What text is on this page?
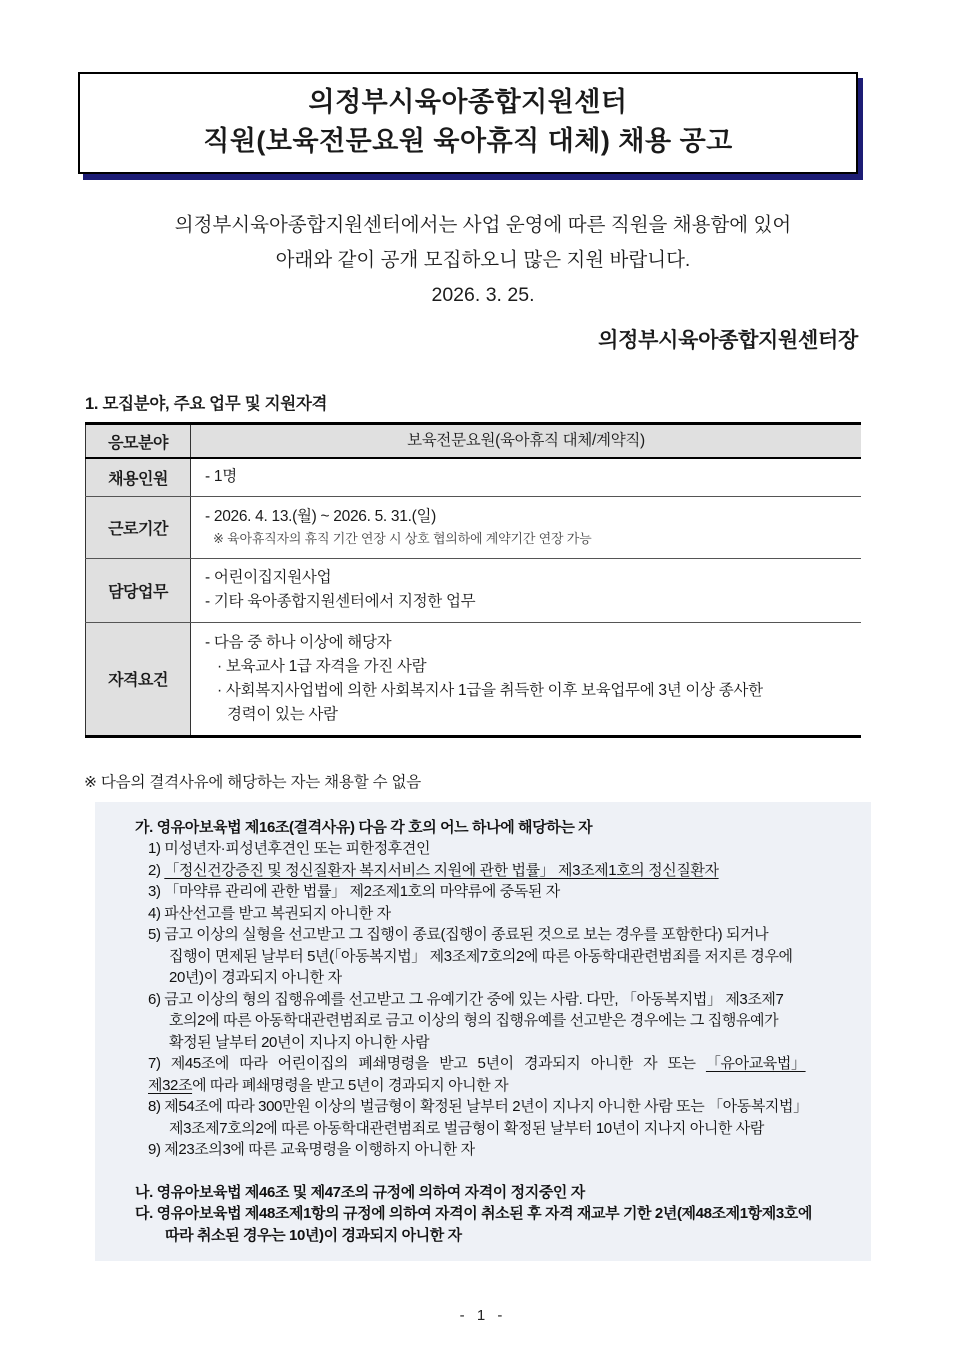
의정부시육아종합지원센터
직원(보육전문요원 육아휴직 대체) 채용 공고
의정부시육아종합지원센터에서는 사업 운영에 따른 직원을 채용함에 있어
아래와 같이 공개 모집하오니 많은 지원 바랍니다.
2026. 3. 25.
의정부시육아종합지원센터장
1. 모집분야, 주요 업무 및 지원자격
응모분야	보육전문요원(육아휴직 대체/계약직)
채용인원	- 1명
근로기간	- 2026. 4. 13.(월) ~ 2026. 5. 31.(일)
※ 육아휴직자의 휴직 기간 연장 시 상호 협의하에 계약기간 연장 가능

담당업무	- 어린이집지원사업
- 기타 육아종합지원센터에서 지정한 업무

자격요건	- 다음 중 하나 이상에 해당자
· 보육교사 1급 자격을 가진 사람
· 사회복지사업법에 의한 사회복지사 1급을 취득한 이후 보육업무에 3년 이상 종사한
경력이 있는 사람
※ 다음의 결격사유에 해당하는 자는 채용할 수 없음
가. 영유아보육법 제16조(결격사유) 다음 각 호의 어느 하나에 해당하는 자
1) 미성년자·피성년후견인 또는 피한정후견인
2) 「정신건강증진 및 정신질환자 복지서비스 지원에 관한 법률」 제3조제1호의 정신질환자
3) 「마약류 관리에 관한 법률」 제2조제1호의 마약류에 중독된 자
4) 파산선고를 받고 복권되지 아니한 자
5) 금고 이상의 실형을 선고받고 그 집행이 종료(집행이 종료된 것으로 보는 경우를 포함한다) 되거나
집행이 면제된 날부터 5년(「아동복지법」 제3조제7호의2에 따른 아동학대관련범죄를 저지른 경우에
20년)이 경과되지 아니한 자
6) 금고 이상의 형의 집행유예를 선고받고 그 유예기간 중에 있는 사람. 다만, 「아동복지법」 제3조제7
호의2에 따른 아동학대관련범죄로 금고 이상의 형의 집행유예를 선고받은 경우에는 그 집행유예가
확정된 날부터 20년이 지나지 아니한 사람
7) 제45조에 따라 어린이집의 폐쇄명령을 받고 5년이 경과되지 아니한 자 또는 「유아교육법」
제32조에 따라 폐쇄명령을 받고 5년이 경과되지 아니한 자
8) 제54조에 따라 300만원 이상의 벌금형이 확정된 날부터 2년이 지나지 아니한 사람 또는 「아동복지법」
제3조제7호의2에 따른 아동학대관련범죄로 벌금형이 확정된 날부터 10년이 지나지 아니한 사람
9) 제23조의3에 따른 교육명령을 이행하지 아니한 자
나. 영유아보육법 제46조 및 제47조의 규정에 의하여 자격이 정지중인 자
다. 영유아보육법 제48조제1항의 규정에 의하여 자격이 취소된 후 자격 재교부 기한 2년(제48조제1항제3호에
따라 취소된 경우는 10년)이 경과되지 아니한 자
- 1 -
